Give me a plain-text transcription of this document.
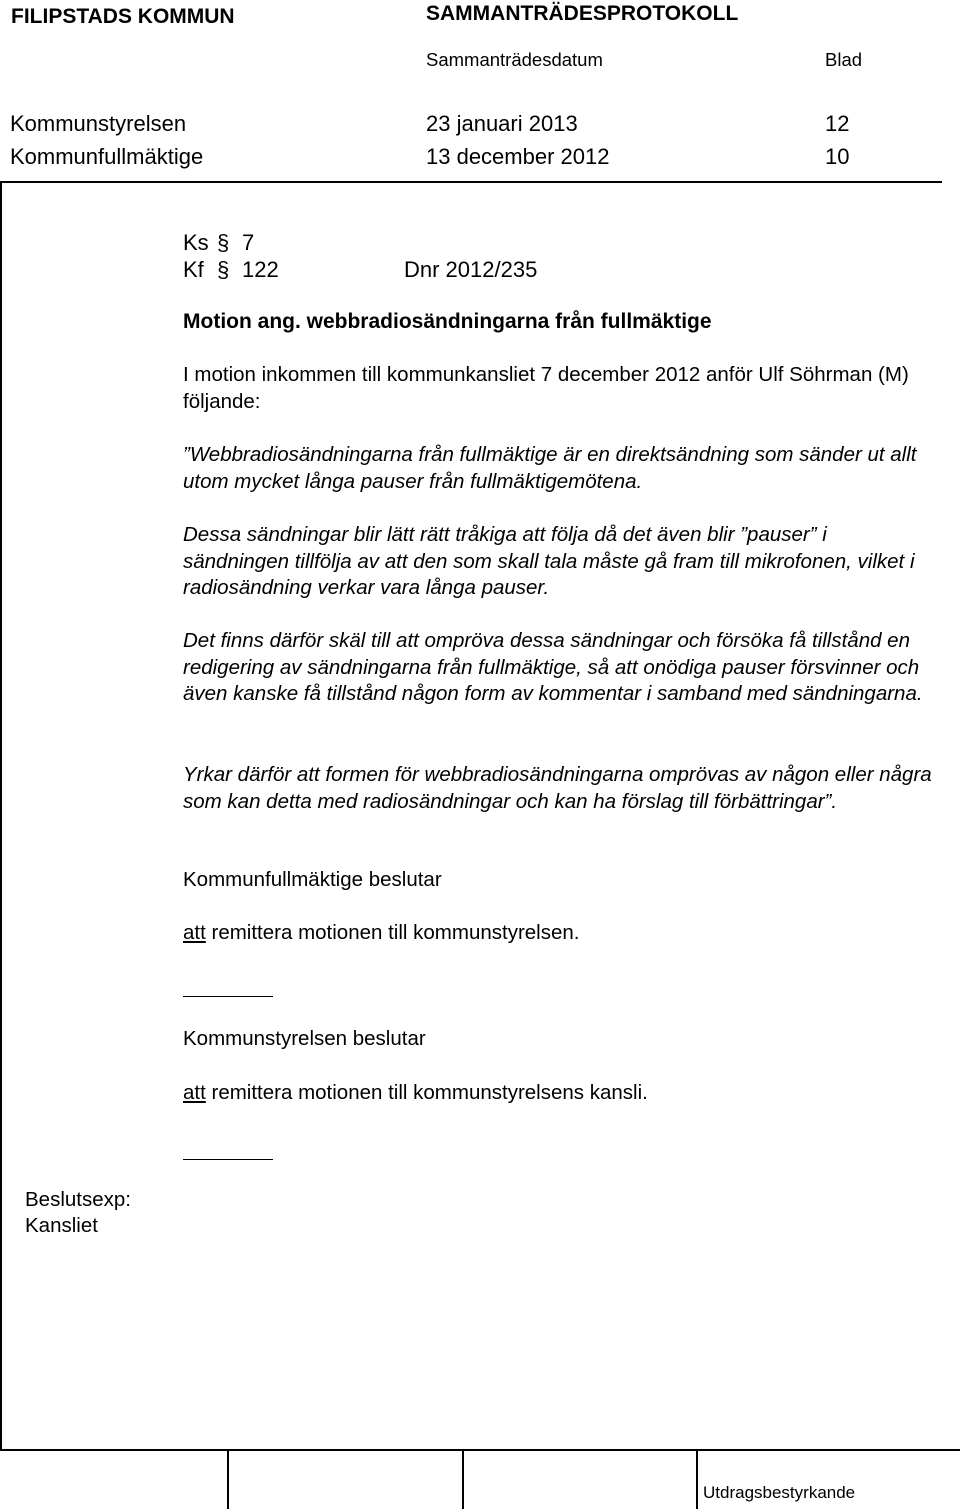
FILIPSTADS KOMMUN	SAMMANTRÄDESPROTOKOLL
Sammanträdesdatum	Blad
Kommunstyrelsen	23 januari 2013	12
Kommunfullmäktige	13 december 2012	10
Ks § 7
Kf § 122	Dnr 2012/235
Motion ang. webbradiosändningarna från fullmäktige
I motion inkommen till kommunkansliet 7 december 2012 anför Ulf Söhrman (M) följande:
”Webbradiosändningarna från fullmäktige är en direktsändning som sänder ut allt utom mycket långa pauser från fullmäktigemötena.
Dessa sändningar blir lätt rätt tråkiga att följa då det även blir ”pauser” i sändningen tillfölja av att den som skall tala måste gå fram till mikrofonen, vilket i radiosändning verkar vara långa pauser.
Det finns därför skäl till att ompröva dessa sändningar och försöka få tillstånd en redigering av sändningarna från fullmäktige, så att onödiga pauser försvinner och även kanske få tillstånd någon form av kommentar i samband med sändningarna.
Yrkar därför att formen för webbradiosändningarna omprövas av någon eller några som kan detta med radiosändningar och kan ha förslag till förbättringar”.
Kommunfullmäktige beslutar
att remittera motionen till kommunstyrelsen.
Kommunstyrelsen beslutar
att remittera motionen till kommunstyrelsens kansli.
Beslutsexp:
Kansliet
Utdragsbestyrkande
